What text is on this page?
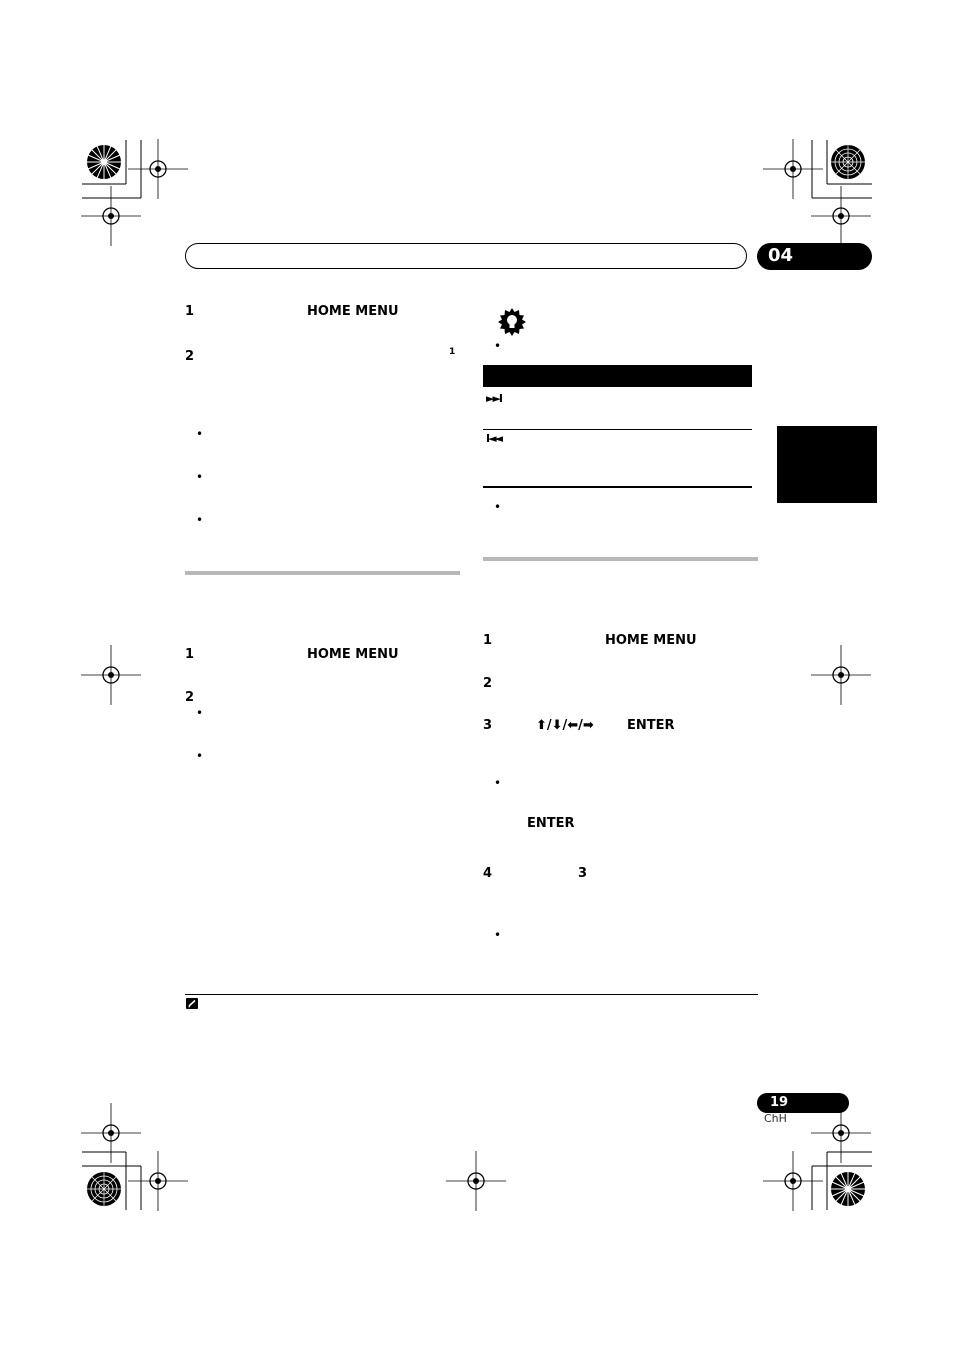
04
1	HOME MENU
2	1
•
•
•
1	HOME MENU
2
•
•
•
►►I
I◄◄
•
1	HOME MENU
2
3	⬆/⬇/⬅/➡	ENTER
•
ENTER
4	3
•
19
ChH
